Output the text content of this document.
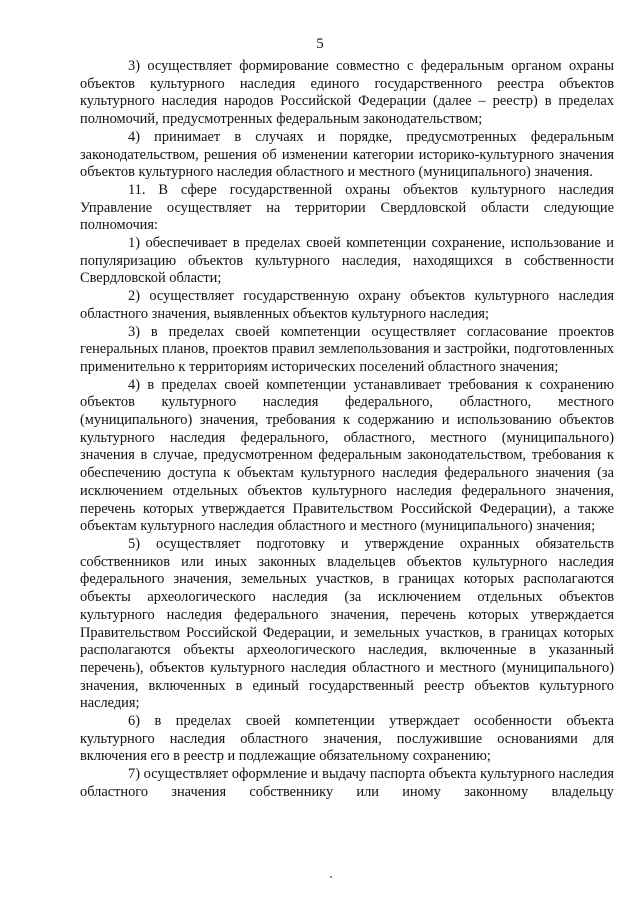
5

3) осуществляет формирование совместно с федеральным органом охраны объектов культурного наследия единого государственного реестра объектов культурного наследия народов Российской Федерации (далее – реестр) в пределах полномочий, предусмотренных федеральным законодательством;

4) принимает в случаях и порядке, предусмотренных федеральным законодательством, решения об изменении категории историко-культурного значения объектов культурного наследия областного и местного (муниципального) значения.

11. В сфере государственной охраны объектов культурного наследия Управление осуществляет на территории Свердловской области следующие полномочия:

1) обеспечивает в пределах своей компетенции сохранение, использование и популяризацию объектов культурного наследия, находящихся в собственности Свердловской области;

2) осуществляет государственную охрану объектов культурного наследия областного значения, выявленных объектов культурного наследия;

3) в пределах своей компетенции осуществляет согласование проектов генеральных планов, проектов правил землепользования и застройки, подготовленных применительно к территориям исторических поселений областного значения;

4) в пределах своей компетенции устанавливает требования к сохранению объектов культурного наследия федерального, областного, местного (муниципального) значения, требования к содержанию и использованию объектов культурного наследия федерального, областного, местного (муниципального) значения в случае, предусмотренном федеральным законодательством, требования к обеспечению доступа к объектам культурного наследия федерального значения (за исключением отдельных объектов культурного наследия федерального значения, перечень которых утверждается Правительством Российской Федерации), а также объектам культурного наследия областного и местного (муниципального) значения;

5) осуществляет подготовку и утверждение охранных обязательств собственников или иных законных владельцев объектов культурного наследия федерального значения, земельных участков, в границах которых располагаются объекты археологического наследия (за исключением отдельных объектов культурного наследия федерального значения, перечень которых утверждается Правительством Российской Федерации, и земельных участков, в границах которых располагаются объекты археологического наследия, включенные в указанный перечень), объектов культурного наследия областного и местного (муниципального) значения, включенных в единый государственный реестр объектов культурного наследия;

6) в пределах своей компетенции утверждает особенности объекта культурного наследия областного значения, послужившие основаниями для включения его в реестр и подлежащие обязательному сохранению;

7) осуществляет оформление и выдачу паспорта объекта культурного наследия областного значения собственнику или иному законному владельцу
